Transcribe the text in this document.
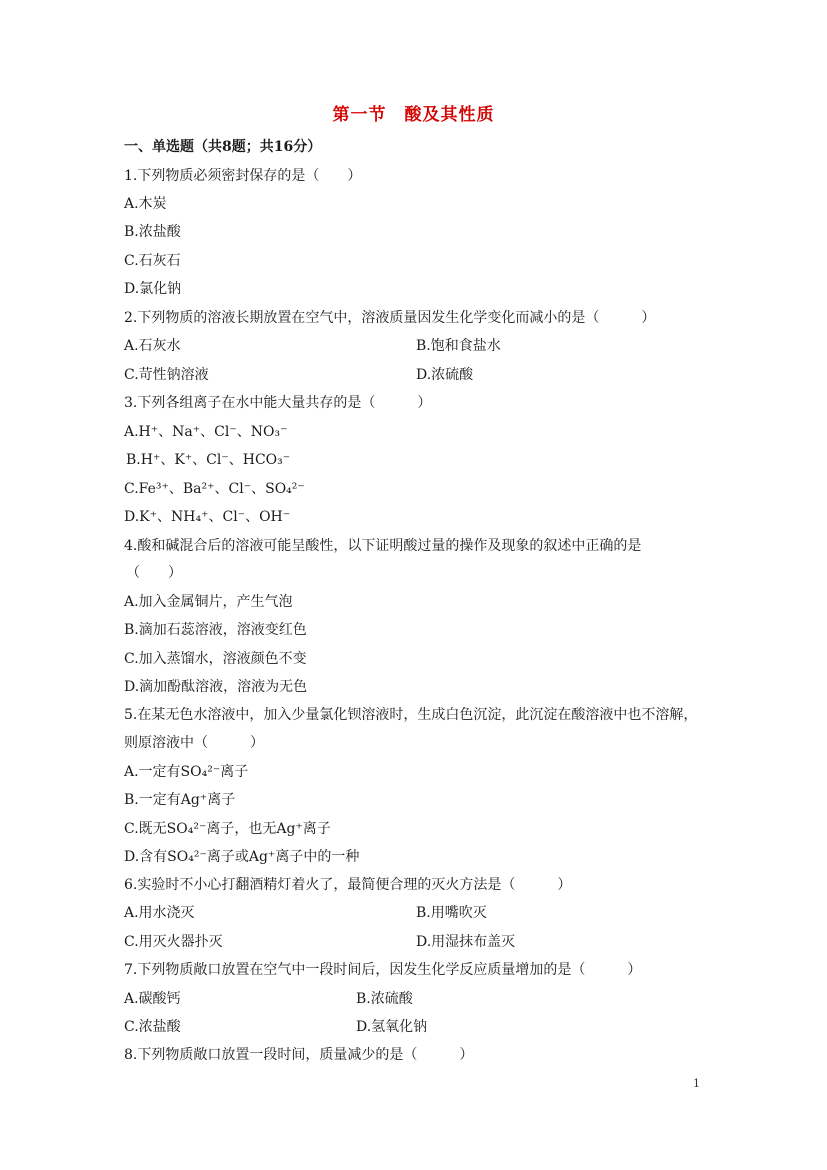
第一节　酸及其性质
一、单选题（共8题；共16分）
1.下列物质必须密封保存的是（　　）
A.木炭
B.浓盐酸
C.石灰石
D.氯化钠
2.下列物质的溶液长期放置在空气中，溶液质量因发生化学变化而减小的是（　　　）
A.石灰水	B.饱和食盐水
C.苛性钠溶液	D.浓硫酸
3.下列各组离子在水中能大量共存的是（　　　）
A.H⁺、Na⁺、Cl⁻、NO₃⁻
B.H⁺、K⁺、Cl⁻、HCO₃⁻
C.Fe³⁺、Ba²⁺、Cl⁻、SO₄²⁻
D.K⁺、NH₄⁺、Cl⁻、OH⁻
4.酸和碱混合后的溶液可能呈酸性，以下证明酸过量的操作及现象的叙述中正确的是
（　　）
A.加入金属铜片，产生气泡
B.滴加石蕊溶液，溶液变红色
C.加入蒸馏水，溶液颜色不变
D.滴加酚酞溶液，溶液为无色
5.在某无色水溶液中，加入少量氯化钡溶液时，生成白色沉淀，此沉淀在酸溶液中也不溶解，
则原溶液中（　　　）
A.一定有SO₄²⁻离子
B.一定有Ag⁺离子
C.既无SO₄²⁻离子，也无Ag⁺离子
D.含有SO₄²⁻离子或Ag⁺离子中的一种
6.实验时不小心打翻酒精灯着火了，最简便合理的灭火方法是（　　　）
A.用水浇灭	B.用嘴吹灭
C.用灭火器扑灭	D.用湿抹布盖灭
7.下列物质敞口放置在空气中一段时间后，因发生化学反应质量增加的是（　　　）
A.碳酸钙	B.浓硫酸
C.浓盐酸	D.氢氧化钠
8.下列物质敞口放置一段时间，质量减少的是（　　　）
1
